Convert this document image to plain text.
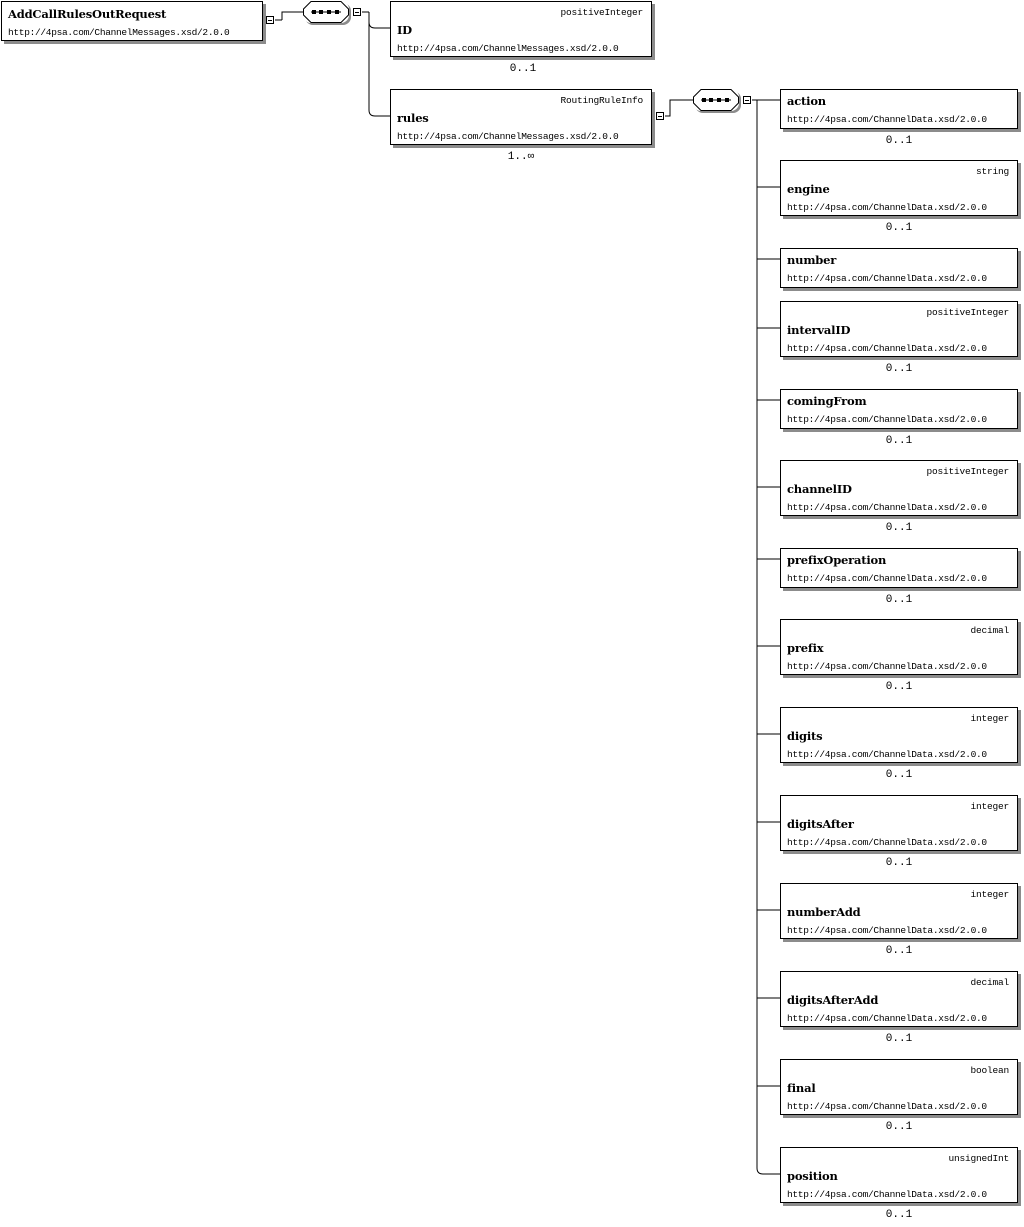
AddCallRulesOutRequest
http://4psa.com/ChannelMessages.xsd/2.0.0
positiveInteger
ID
http://4psa.com/ChannelMessages.xsd/2.0.0
0..1
RoutingRuleInfo
rules
http://4psa.com/ChannelMessages.xsd/2.0.0
1..∞
action
http://4psa.com/ChannelData.xsd/2.0.0
0..1
string
engine
http://4psa.com/ChannelData.xsd/2.0.0
0..1
number
http://4psa.com/ChannelData.xsd/2.0.0
positiveInteger
intervalID
http://4psa.com/ChannelData.xsd/2.0.0
0..1
comingFrom
http://4psa.com/ChannelData.xsd/2.0.0
0..1
positiveInteger
channelID
http://4psa.com/ChannelData.xsd/2.0.0
0..1
prefixOperation
http://4psa.com/ChannelData.xsd/2.0.0
0..1
decimal
prefix
http://4psa.com/ChannelData.xsd/2.0.0
0..1
integer
digits
http://4psa.com/ChannelData.xsd/2.0.0
0..1
integer
digitsAfter
http://4psa.com/ChannelData.xsd/2.0.0
0..1
integer
numberAdd
http://4psa.com/ChannelData.xsd/2.0.0
0..1
decimal
digitsAfterAdd
http://4psa.com/ChannelData.xsd/2.0.0
0..1
boolean
final
http://4psa.com/ChannelData.xsd/2.0.0
0..1
unsignedInt
position
http://4psa.com/ChannelData.xsd/2.0.0
0..1
